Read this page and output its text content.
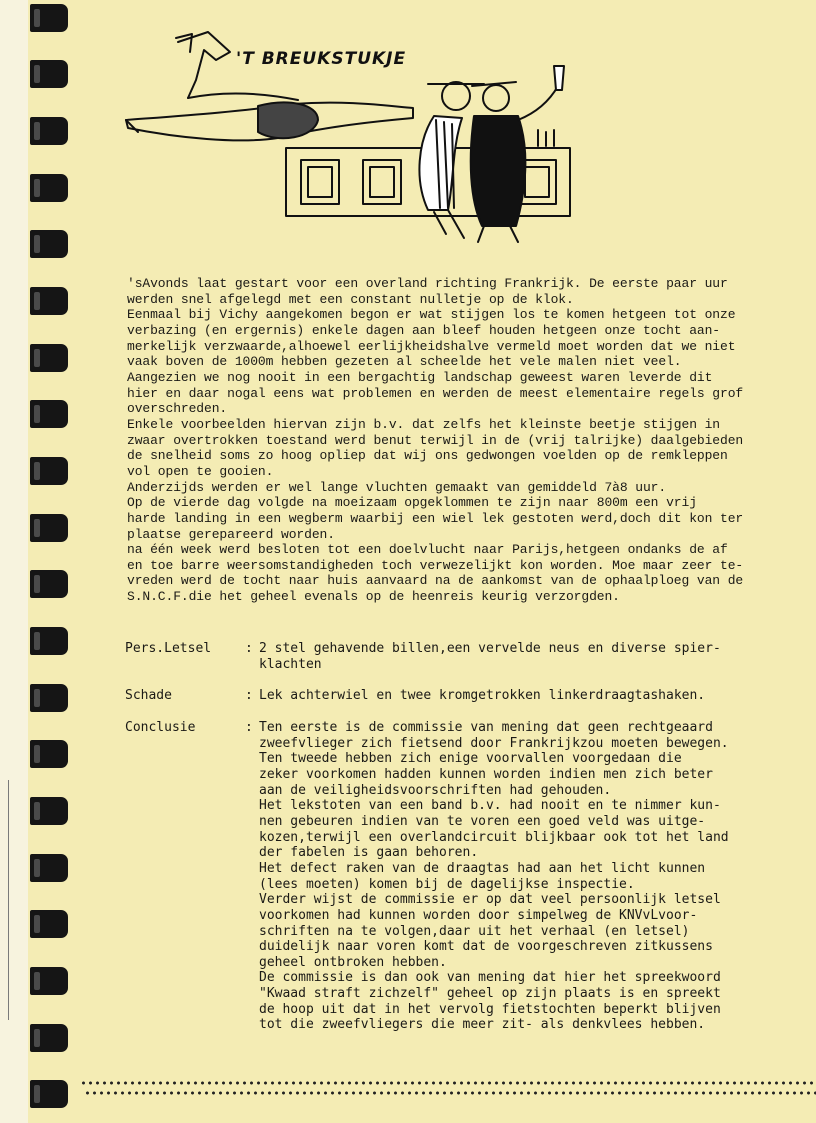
'T BREUKSTUKJE
'sAvonds laat gestart voor een overland richting Frankrijk. De eerste paar uur
werden snel afgelegd met een constant nulletje op de klok.
Eenmaal bij Vichy aangekomen begon er wat stijgen los te komen hetgeen tot onze
verbazing (en ergernis) enkele dagen aan bleef houden hetgeen onze tocht aan-
merkelijk verzwaarde,alhoewel eerlijkheidshalve vermeld moet worden dat we niet
vaak boven de 1000m hebben gezeten al scheelde het vele malen niet veel.
Aangezien we nog nooit in een bergachtig landschap geweest waren leverde dit
hier en daar nogal eens wat problemen en werden de meest elementaire regels grof
overschreden.
Enkele voorbeelden hiervan zijn b.v. dat zelfs het kleinste beetje stijgen in
zwaar overtrokken toestand werd benut terwijl in de (vrij talrijke) daalgebieden
de snelheid soms zo hoog opliep dat wij ons gedwongen voelden op de remkleppen
vol open te gooien.
Anderzijds werden er wel lange vluchten gemaakt van gemiddeld 7à8 uur.
Op de vierde dag volgde na moeizaam opgeklommen te zijn naar 800m een vrij
harde landing in een wegberm waarbij een wiel lek gestoten werd,doch dit kon ter
plaatse gerepareerd worden.
na één week werd besloten tot een doelvlucht naar Parijs,hetgeen ondanks de af
en toe barre weersomstandigheden toch verwezelijkt kon worden. Moe maar zeer te-
vreden werd de tocht naar huis aanvaard na de aankomst van de ophaalploeg van de
S.N.C.F.die het geheel evenals op de heenreis keurig verzorgden.
Pers.Letsel	: 2 stel gehavende billen,een vervelde neus en diverse spier-
klachten
Schade	: Lek achterwiel en twee kromgetrokken linkerdraagtashaken.
Conclusie	: Ten eerste is de commissie van mening dat geen rechtgeaard
zweefvlieger zich fietsend door Frankrijkzou moeten bewegen.
Ten tweede hebben zich enige voorvallen voorgedaan die
zeker voorkomen hadden kunnen worden indien men zich beter
aan de veiligheidsvoorschriften had gehouden.
Het lekstoten van een band b.v. had nooit en te nimmer kun-
nen gebeuren indien van te voren een goed veld was uitge-
kozen,terwijl een overlandcircuit blijkbaar ook tot het land
der fabelen is gaan behoren.
Het defect raken van de draagtas had aan het licht kunnen
(lees moeten) komen bij de dagelijkse inspectie.
Verder wijst de commissie er op dat veel persoonlijk letsel
voorkomen had kunnen worden door simpelweg de KNVvLvoor-
schriften na te volgen,daar uit het verhaal (en letsel)
duidelijk naar voren komt dat de voorgeschreven zitkussens
geheel ontbroken hebben.
De commissie is dan ook van mening dat hier het spreekwoord
"Kwaad straft zichzelf" geheel op zijn plaats is en spreekt
de hoop uit dat in het vervolg fietstochten beperkt blijven
tot die zweefvliegers die meer zit- als denkvlees hebben.
